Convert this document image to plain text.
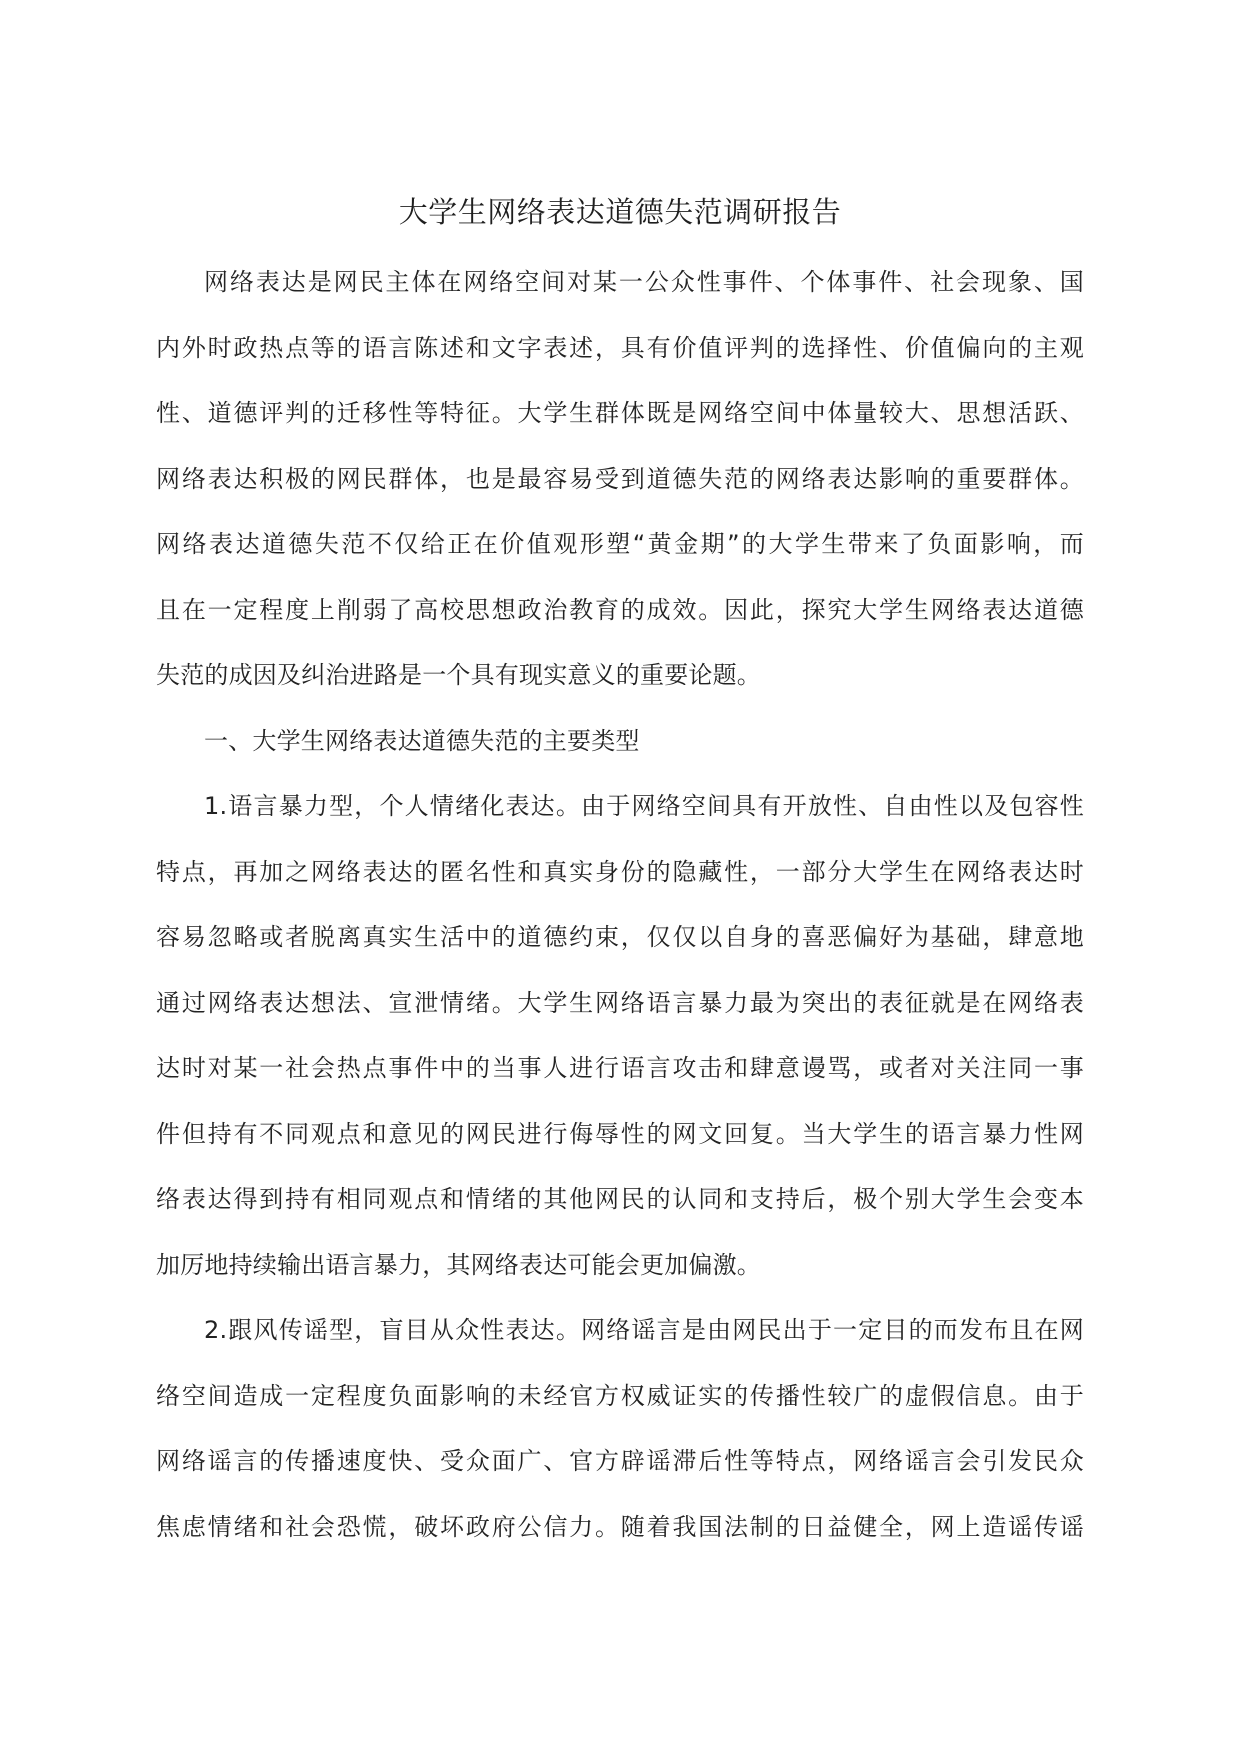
大学生网络表达道德失范调研报告
网络表达是网民主体在网络空间对某一公众性事件、个体事件、社会现象、国
内外时政热点等的语言陈述和文字表述，具有价值评判的选择性、价值偏向的主观
性、道德评判的迁移性等特征。大学生群体既是网络空间中体量较大、思想活跃、
网络表达积极的网民群体，也是最容易受到道德失范的网络表达影响的重要群体。
网络表达道德失范不仅给正在价值观形塑“黄金期”的大学生带来了负面影响，而
且在一定程度上削弱了高校思想政治教育的成效。因此，探究大学生网络表达道德
失范的成因及纠治进路是一个具有现实意义的重要论题。
一、大学生网络表达道德失范的主要类型
1.语言暴力型，个人情绪化表达。由于网络空间具有开放性、自由性以及包容性
特点，再加之网络表达的匿名性和真实身份的隐藏性，一部分大学生在网络表达时
容易忽略或者脱离真实生活中的道德约束，仅仅以自身的喜恶偏好为基础，肆意地
通过网络表达想法、宣泄情绪。大学生网络语言暴力最为突出的表征就是在网络表
达时对某一社会热点事件中的当事人进行语言攻击和肆意谩骂，或者对关注同一事
件但持有不同观点和意见的网民进行侮辱性的网文回复。当大学生的语言暴力性网
络表达得到持有相同观点和情绪的其他网民的认同和支持后，极个别大学生会变本
加厉地持续输出语言暴力，其网络表达可能会更加偏激。
2.跟风传谣型，盲目从众性表达。网络谣言是由网民出于一定目的而发布且在网
络空间造成一定程度负面影响的未经官方权威证实的传播性较广的虚假信息。由于
网络谣言的传播速度快、受众面广、官方辟谣滞后性等特点，网络谣言会引发民众
焦虑情绪和社会恐慌，破坏政府公信力。随着我国法制的日益健全，网上造谣传谣
